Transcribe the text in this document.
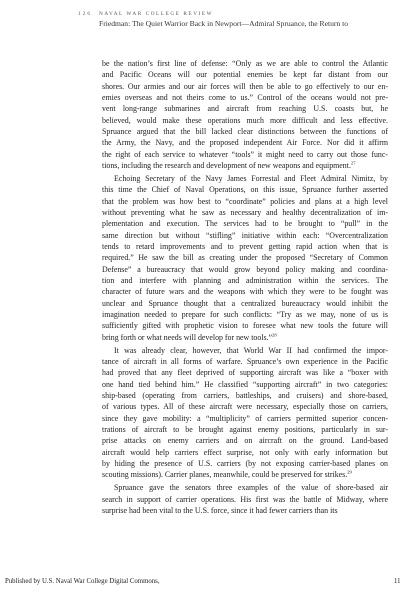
1 2 6 NAVAL WAR COLLEGE REVIEW
Friedman: The Quiet Warrior Back in Newport—Admiral Spruance, the Return to
be the nation’s first line of defense: “Only as we are able to control the Atlantic
and Pacific Oceans will our potential enemies be kept far distant from our
shores. Our armies and our air forces will then be able to go effectively to our en-
emies overseas and not theirs come to us.” Control of the oceans would not pre-
vent long-range submarines and aircraft from reaching U.S. coasts but, he
believed, would make these operations much more difficult and less effective.
Spruance argued that the bill lacked clear distinctions between the functions of
the Army, the Navy, and the proposed independent Air Force. Nor did it affirm
the right of each service to whatever “tools” it might need to carry out those func-
tions, including the research and development of new weapons and equipment.$^{27}$
Echoing Secretary of the Navy James Forrestal and Fleet Admiral Nimitz, by
this time the Chief of Naval Operations, on this issue, Spruance further asserted
that the problem was how best to “coordinate” policies and plans at a high level
without preventing what he saw as necessary and healthy decentralization of im-
plementation and execution. The services had to be brought to “pull” in the
same direction but without “stifling” initiative within each: “Overcentralization
tends to retard improvements and to prevent getting rapid action when that is
required.” He saw the bill as creating under the proposed “Secretary of Common
Defense” a bureaucracy that would grow beyond policy making and coordina-
tion and interfere with planning and administration within the services. The
character of future wars and the weapons with which they were to be fought was
unclear and Spruance thought that a centralized bureaucracy would inhibit the
imagination needed to prepare for such conflicts: “Try as we may, none of us is
sufficiently gifted with prophetic vision to foresee what new tools the future will
bring forth or what needs will develop for new tools.”$^{28}$
It was already clear, however, that World War II had confirmed the impor-
tance of aircraft in all forms of warfare. Spruance’s own experience in the Pacific
had proved that any fleet deprived of supporting aircraft was like a “boxer with
one hand tied behind him.” He classified “supporting aircraft” in two categories:
ship-based (operating from carriers, battleships, and cruisers) and shore-based,
of various types. All of these aircraft were necessary, especially those on carriers,
since they gave mobility: a “multiplicity” of carriers permitted superior concen-
trations of aircraft to be brought against enemy positions, particularly in sur-
prise attacks on enemy carriers and on aircraft on the ground. Land-based
aircraft would help carriers effect surprise, not only with early information but
by hiding the presence of U.S. carriers (by not exposing carrier-based planes on
scouting missions). Carrier planes, meanwhile, could be preserved for strikes.$^{29}$
Spruance gave the senators three examples of the value of shore-based air
search in support of carrier operations. His first was the battle of Midway, where
surprise had been vital to the U.S. force, since it had fewer carriers than its
Published by U.S. Naval War College Digital Commons,	11
